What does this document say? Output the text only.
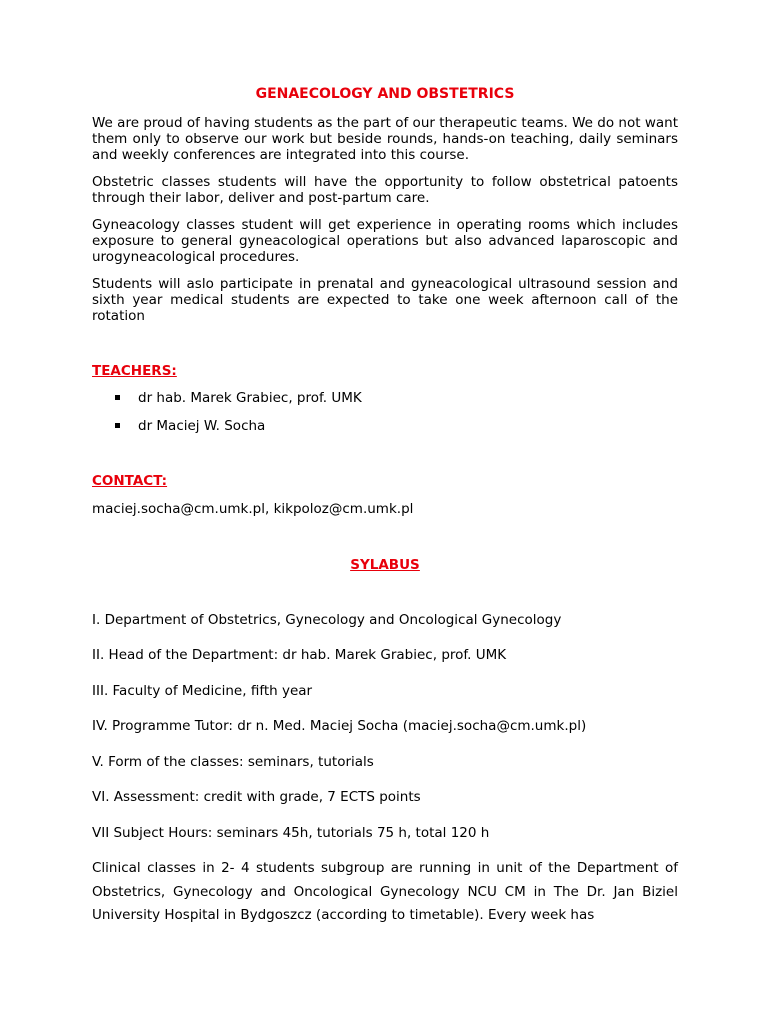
GENAECOLOGY AND OBSTETRICS

We are proud of having students as the part of our therapeutic teams. We do not want them only to observe our work but beside rounds, hands-on teaching, daily seminars and weekly conferences are integrated into this course.

Obstetric classes students will have the opportunity to follow obstetrical patoents through their labor, deliver and post-partum care.

Gyneacology classes student will get experience in operating rooms which includes exposure to general gyneacological operations but also advanced laparoscopic and urogyneacological procedures.

Students will aslo participate in prenatal and gyneacological ultrasound session and sixth year medical students are expected to take one week afternoon call of the rotation

TEACHERS:
dr hab. Marek Grabiec, prof. UMK
dr Maciej W. Socha
CONTACT:

maciej.socha@cm.umk.pl, kikpoloz@cm.umk.pl

SYLABUS

I. Department of Obstetrics, Gynecology and Oncological Gynecology

II. Head of the Department: dr hab. Marek Grabiec, prof. UMK

III. Faculty of Medicine, fifth year

IV. Programme Tutor: dr n. Med. Maciej Socha (maciej.socha@cm.umk.pl)

V. Form of the classes: seminars, tutorials

VI. Assessment: credit with grade, 7 ECTS points

VII Subject Hours: seminars 45h, tutorials 75 h, total 120 h

Clinical classes in 2- 4 students subgroup are running in unit of the Department of Obstetrics, Gynecology and Oncological Gynecology NCU CM in The Dr. Jan Biziel University Hospital in Bydgoszcz (according to timetable). Every week has
